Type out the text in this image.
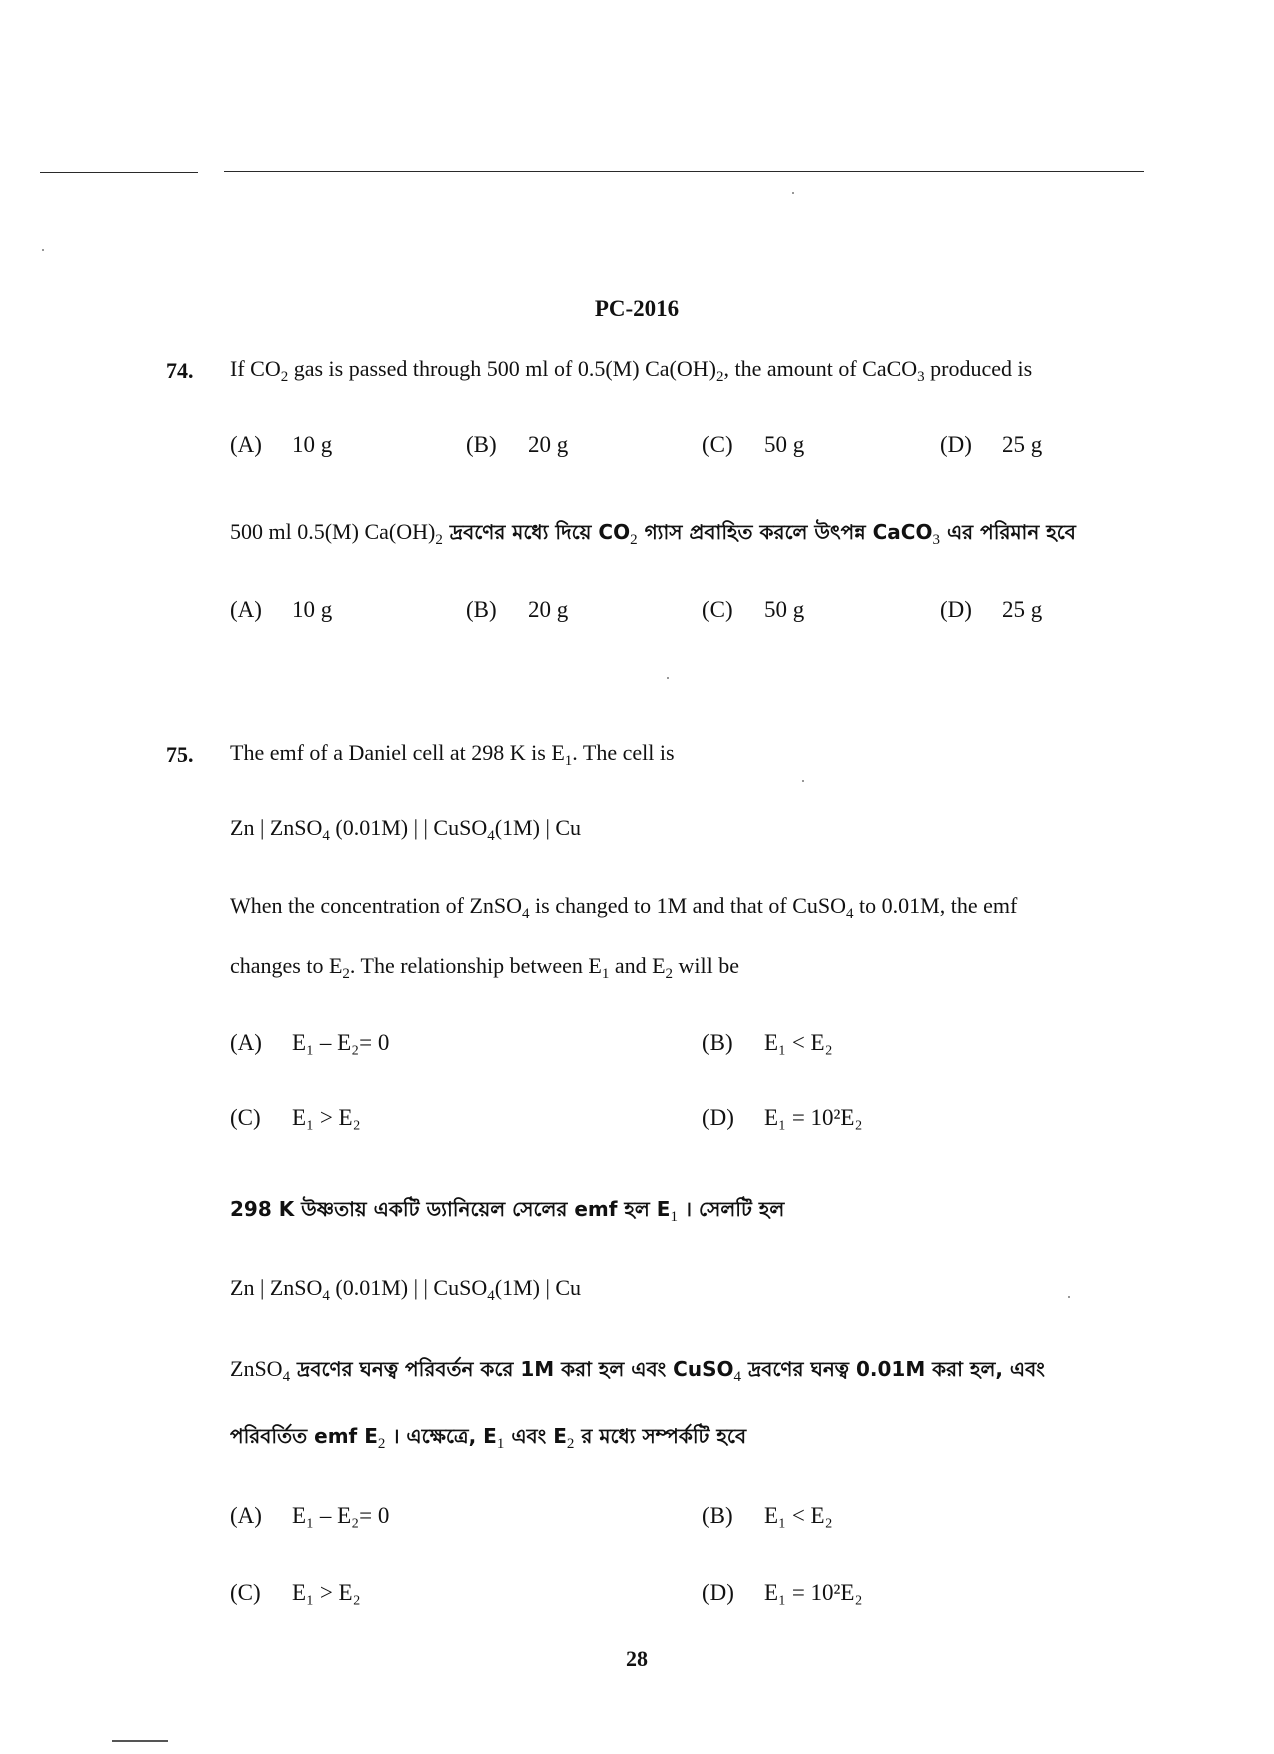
PC-2016
74. If $CO_2$ gas is passed through 500 ml of 0.5(M) $Ca(OH)_2$, the amount of CaCO$_3$ produced is
(A) 10 g	(B) 20 g	(C) 50 g	(D) 25 g
500 ml 0.5(M) $Ca(OH)_2$ দ্রবণের মধ্যে দিয়ে $CO_2$ গ্যাস প্রবাহিত করলে উৎপন্ন CaCO$_3$ এর পরিমান হবে
(A) 10 g	(B) 20 g	(C) 50 g	(D) 25 g
75. The emf of a Daniel cell at 298 K is $E_1$. The cell is
Zn | ZnSO$_4$ (0.01M) | | CuSO$_4$(1M) | Cu
When the concentration of ZnSO$_4$ is changed to 1M and that of CuSO$_4$ to 0.01M, the emf
changes to $E_2$. The relationship between $E_1$ and $E_2$ will be
(A) E₁ – E₂= 0	(B) E₁ < E₂
(C) E₁ > E₂	(D) E₁ = 10²E₂
298 K উষ্ণতায় একটি ড্যানিয়েল সেলের emf হল $E_1$ । সেলটি হল
Zn | ZnSO$_4$ (0.01M) | | CuSO$_4$(1M) | Cu
ZnSO$_4$ দ্রবণের ঘনত্ব পরিবর্তন করে 1M করা হল এবং CuSO$_4$ দ্রবণের ঘনত্ব 0.01M করা হল, এবং
পরিবর্তিত emf $E_2$ । এক্ষেত্রে, $E_1$ এবং $E_2$ র মধ্যে সম্পর্কটি হবে
(A) E₁ – E₂= 0	(B) E₁ < E₂
(C) E₁ > E₂	(D) E₁ = 10²E₂
28
